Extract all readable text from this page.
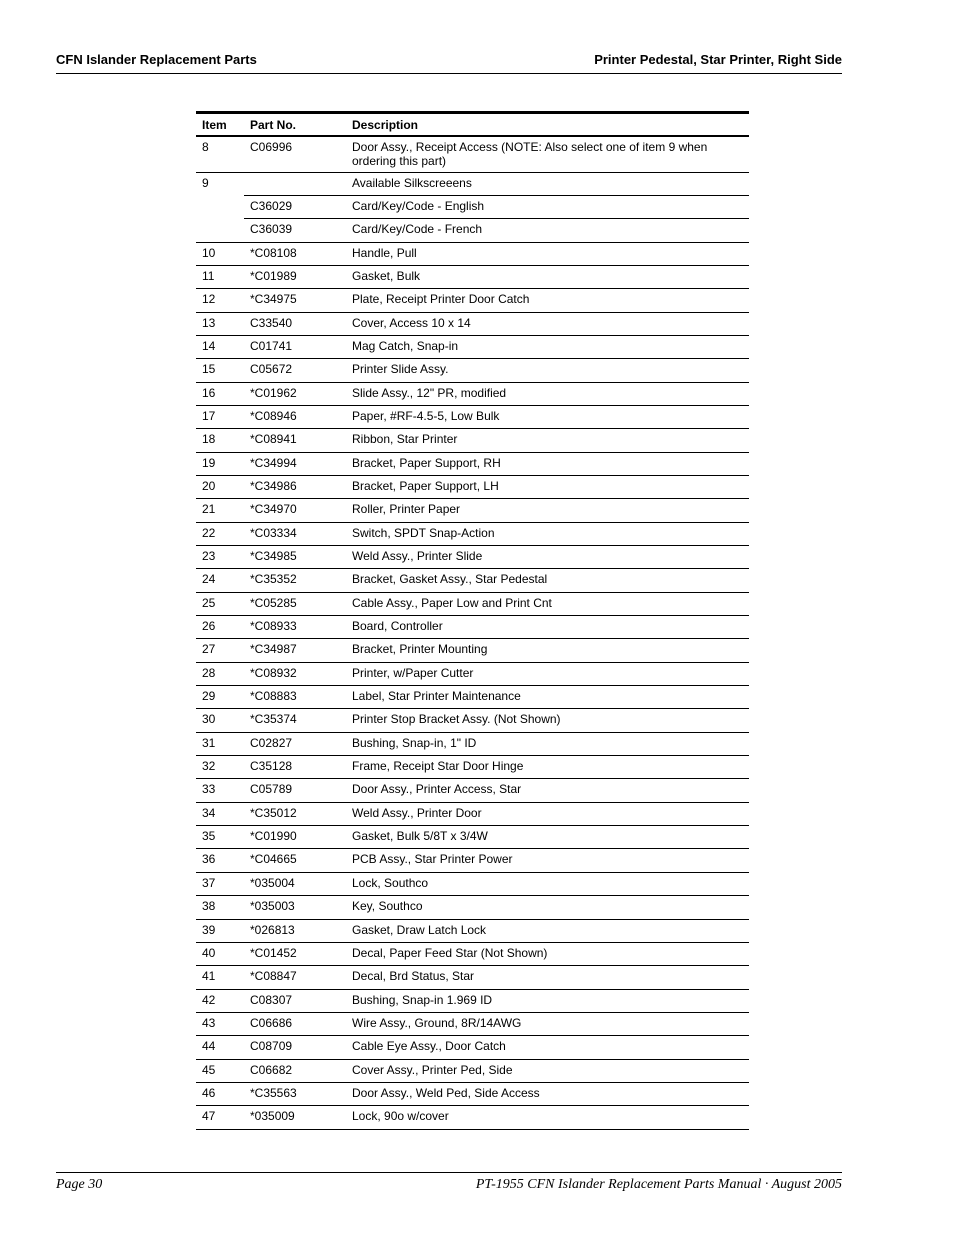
CFN Islander Replacement Parts	Printer Pedestal, Star Printer, Right Side
Item	Part No.	Description
8	C06996	Door Assy., Receipt Access (NOTE: Also select one of item 9 when ordering this part)
9		Available Silkscreeens
	C36029	Card/Key/Code - English
	C36039	Card/Key/Code - French
10	*C08108	Handle, Pull
11	*C01989	Gasket, Bulk
12	*C34975	Plate, Receipt Printer Door Catch
13	C33540	Cover, Access 10 x 14
14	C01741	Mag Catch, Snap-in
15	C05672	Printer Slide Assy.
16	*C01962	Slide Assy., 12" PR, modified
17	*C08946	Paper, #RF-4.5-5, Low Bulk
18	*C08941	Ribbon, Star Printer
19	*C34994	Bracket, Paper Support, RH
20	*C34986	Bracket, Paper Support, LH
21	*C34970	Roller, Printer Paper
22	*C03334	Switch, SPDT Snap-Action
23	*C34985	Weld Assy., Printer Slide
24	*C35352	Bracket, Gasket Assy., Star Pedestal
25	*C05285	Cable Assy., Paper Low and Print Cnt
26	*C08933	Board, Controller
27	*C34987	Bracket, Printer Mounting
28	*C08932	Printer, w/Paper Cutter
29	*C08883	Label, Star Printer Maintenance
30	*C35374	Printer Stop Bracket Assy. (Not Shown)
31	C02827	Bushing, Snap-in, 1" ID
32	C35128	Frame, Receipt Star Door Hinge
33	C05789	Door Assy., Printer Access, Star
34	*C35012	Weld Assy., Printer Door
35	*C01990	Gasket, Bulk 5/8T x 3/4W
36	*C04665	PCB Assy., Star Printer Power
37	*035004	Lock, Southco
38	*035003	Key, Southco
39	*026813	Gasket, Draw Latch Lock
40	*C01452	Decal, Paper Feed Star (Not Shown)
41	*C08847	Decal, Brd Status, Star
42	C08307	Bushing, Snap-in 1.969 ID
43	C06686	Wire Assy., Ground, 8R/14AWG
44	C08709	Cable Eye Assy., Door Catch
45	C06682	Cover Assy., Printer Ped, Side
46	*C35563	Door Assy., Weld Ped, Side Access
47	*035009	Lock, 90o w/cover
Page 30	PT-1955 CFN Islander Replacement Parts Manual · August 2005
